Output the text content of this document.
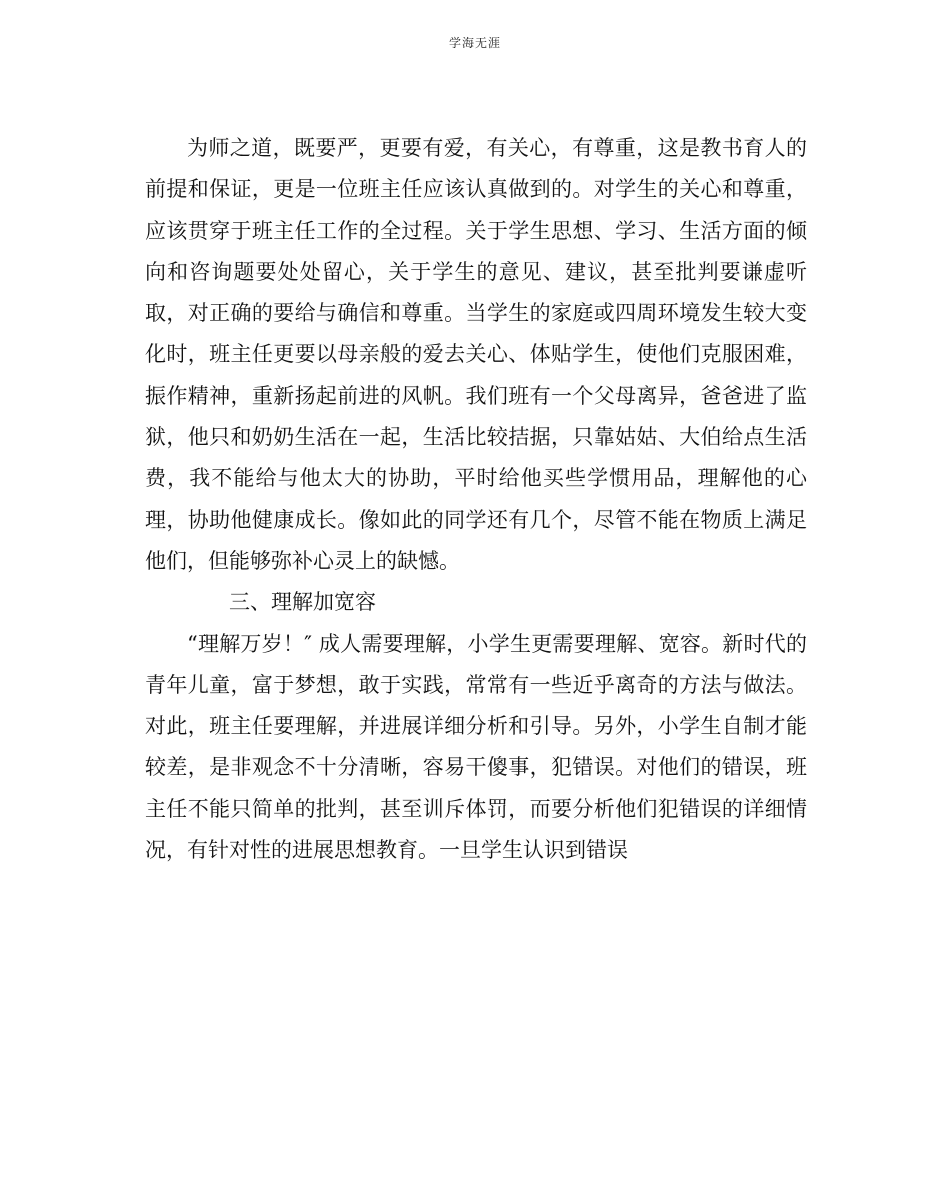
学海无涯

为师之道，既要严，更要有爱，有关心，有尊重，这是教书育人的前提和保证，更是一位班主任应该认真做到的。对学生的关心和尊重，应该贯穿于班主任工作的全过程。关于学生思想、学习、生活方面的倾向和咨询题要处处留心，关于学生的意见、建议，甚至批判要谦虚听取，对正确的要给与确信和尊重。当学生的家庭或四周环境发生较大变化时，班主任更要以母亲般的爱去关心、体贴学生，使他们克服困难，振作精神，重新扬起前进的风帆。我们班有一个父母离异，爸爸进了监狱，他只和奶奶生活在一起，生活比较拮据，只靠姑姑、大伯给点生活费，我不能给与他太大的协助，平时给他买些学惯用品，理解他的心理，协助他健康成长。像如此的同学还有几个，尽管不能在物质上满足他们，但能够弥补心灵上的缺憾。

三、理解加宽容

“理解万岁！″ 成人需要理解，小学生更需要理解、宽容。新时代的青年儿童，富于梦想，敢于实践，常常有一些近乎离奇的方法与做法。对此，班主任要理解，并进展详细分析和引导。另外，小学生自制才能较差，是非观念不十分清晰，容易干傻事，犯错误。对他们的错误，班主任不能只简单的批判，甚至训斥体罚，而要分析他们犯错误的详细情况，有针对性的进展思想教育。一旦学生认识到错误
